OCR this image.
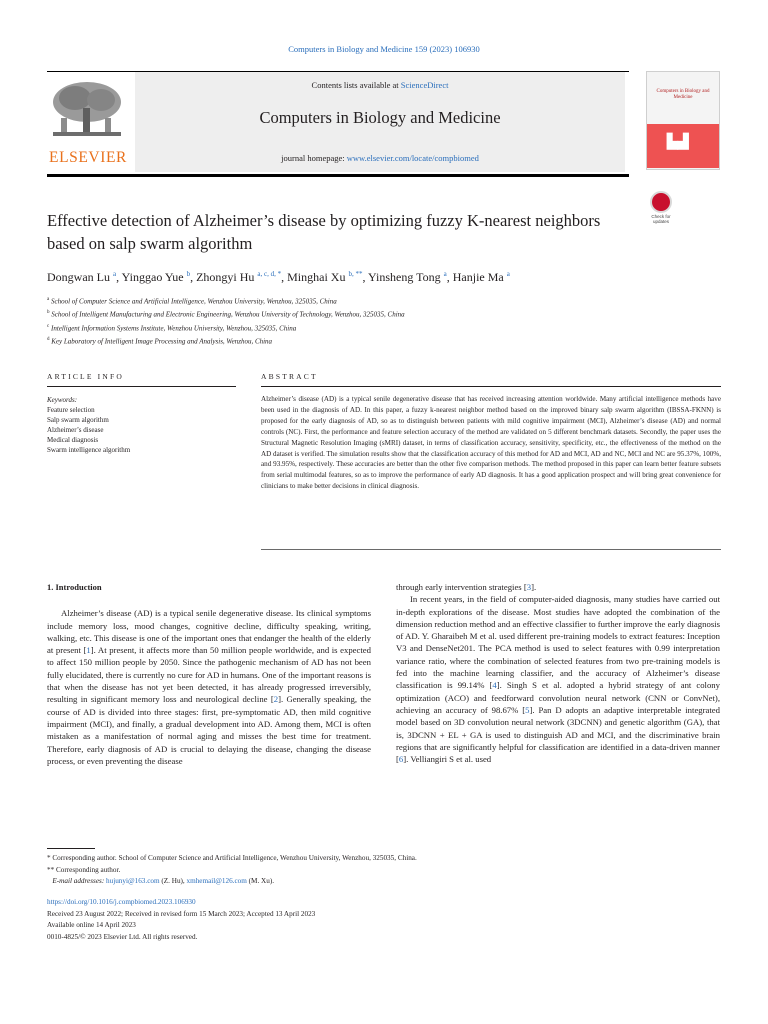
Computers in Biology and Medicine 159 (2023) 106930
ELSEVIER
Contents lists available at ScienceDirect
Computers in Biology and Medicine
journal homepage: www.elsevier.com/locate/compbiomed
Computers in Biology and Medicine
▙▟
Check for updates
Effective detection of Alzheimer’s disease by optimizing fuzzy K-nearest neighbors based on salp swarm algorithm
Dongwan Lu $^a$, Yinggao Yue $^b$, Zhongyi Hu $^{a, c, d, *}$, Minghai Xu $^{b, **}$, Yinsheng Tong $^a$, Hanjie Ma $^a$
$^a$ School of Computer Science and Artificial Intelligence, Wenzhou University, Wenzhou, 325035, China
$^b$ School of Intelligent Manufacturing and Electronic Engineering, Wenzhou University of Technology, Wenzhou, 325035, China
$^c$ Intelligent Information Systems Institute, Wenzhou University, Wenzhou, 325035, China
$^d$ Key Laboratory of Intelligent Image Processing and Analysis, Wenzhou, China
ARTICLE INFO	ABSTRACT
Keywords:
Feature selection
Salp swarm algorithm
Alzheimer’s disease
Medical diagnosis
Swarm intelligence algorithm
Alzheimer’s disease (AD) is a typical senile degenerative disease that has received increasing attention worldwide. Many artificial intelligence methods have been used in the diagnosis of AD. In this paper, a fuzzy k-nearest neighbor method based on the improved binary salp swarm algorithm (IBSSA-FKNN) is proposed for the early diagnosis of AD, so as to distinguish between patients with mild cognitive impairment (MCI), Alzheimer’s disease (AD) and normal controls (NC). First, the performance and feature selection accuracy of the method are validated on 5 different benchmark datasets. Secondly, the paper uses the Structural Magnetic Resolution Imaging (sMRI) dataset, in terms of classification accuracy, sensitivity, specificity, etc., the effectiveness of the method on the AD dataset is verified. The simulation results show that the classification accuracy of this method for AD and MCI, AD and NC, MCI and NC are 95.37%, 100%, and 93.95%, respectively. These accuracies are better than the other five comparison methods. The method proposed in this paper can learn better feature subsets from serial multimodal features, so as to improve the performance of early AD diagnosis. It has a good application prospect and will bring great convenience for clinicians to make better decisions in clinical diagnosis.

1. Introduction

Alzheimer’s disease (AD) is a typical senile degenerative disease. Its clinical symptoms include memory loss, mood changes, cognitive decline, difficulty speaking, writing, walking, etc. This disease is one of the important ones that endanger the health of the elderly at present [1]. At present, it affects more than 50 million people worldwide, and is expected to affect 150 million people by 2050. Since the pathogenic mechanism of AD has not been fully elucidated, there is currently no cure for AD in humans. One of the important reasons is that when the disease has not yet been detected, it has already progressed irreversibly, resulting in significant memory loss and neurological decline [2]. Generally speaking, the course of AD is divided into three stages: first, pre-symptomatic AD, then mild cognitive impairment (MCI), and finally, a gradual development into AD. Among them, MCI is often mistaken as a manifestation of normal aging and misses the best time for treatment. Therefore, early diagnosis of AD is crucial to delaying the disease, changing the disease process, or even preventing the disease

through early intervention strategies [3].

In recent years, in the field of computer-aided diagnosis, many studies have carried out in-depth explorations of the disease. Most studies have adopted the combination of the dimension reduction method and an effective classifier to further improve the early diagnosis of AD. Y. Gharaibeh M et al. used different pre-training models to extract features: Inception V3 and DenseNet201. The PCA method is used to select features with 0.99 interpretation variance ratio, where the combination of selected features from two pre-training models is fed into the machine learning classifier, and the accuracy of Alzheimer’s disease classification is 99.14% [4]. Singh S et al. adopted a hybrid strategy of ant colony optimization (ACO) and feedforward convolution neural network (CNN or ConvNet), achieving an accuracy of 98.67% [5]. Pan D adopts an adaptive interpretable integrated model based on 3D convolution neural network (3DCNN) and genetic algorithm (GA), that is, 3DCNN + EL + GA is used to distinguish AD and MCI, and the discriminative brain regions that are significantly helpful for classification are identified in a data-driven manner [6]. Velliangiri S et al. used

* Corresponding author. School of Computer Science and Artificial Intelligence, Wenzhou University, Wenzhou, 325035, China.
** Corresponding author.
E-mail addresses: hujunyi@163.com (Z. Hu), xmhemail@126.com (M. Xu).
https://doi.org/10.1016/j.compbiomed.2023.106930
Received 23 August 2022; Received in revised form 15 March 2023; Accepted 13 April 2023
Available online 14 April 2023
0010-4825/© 2023 Elsevier Ltd. All rights reserved.
